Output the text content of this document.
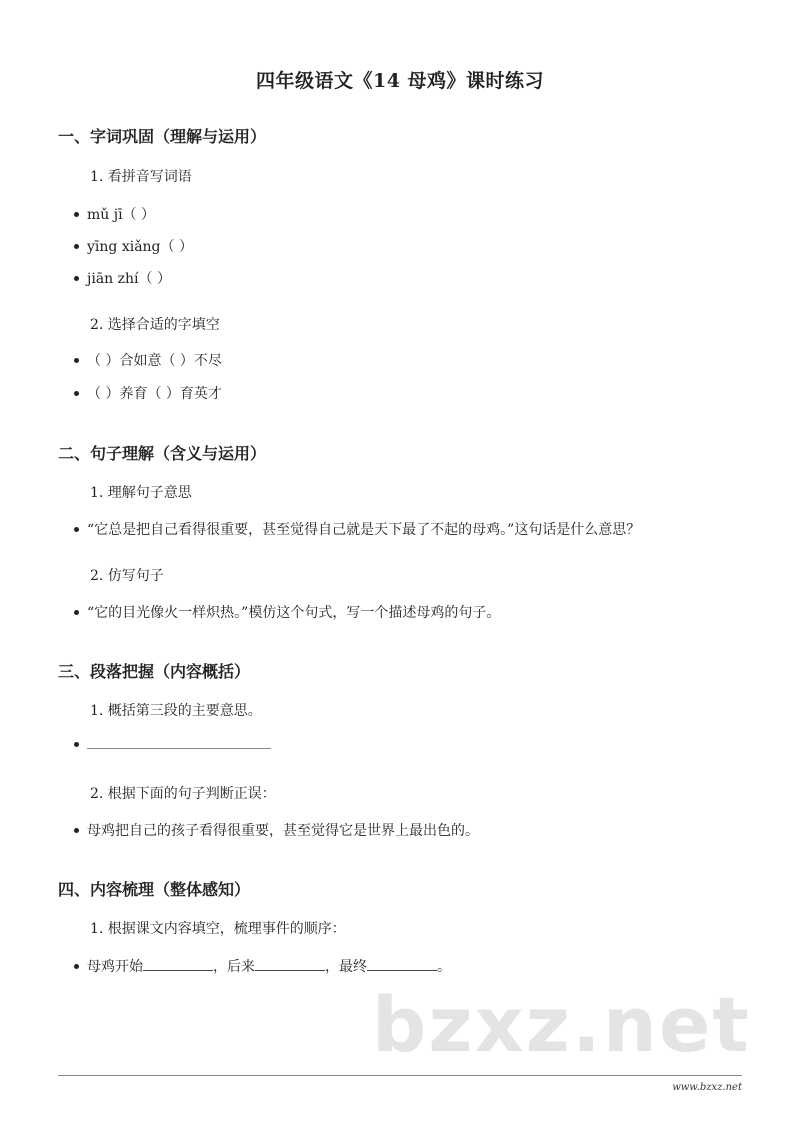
四年级语文《14 母鸡》课时练习
一、字词巩固（理解与运用）
1. 看拼音写词语
mǔ jī（ ）
yīng xiǎng（ ）
jiān zhí（ ）
2. 选择合适的字填空
（ ）合如意（ ）不尽
（ ）养育（ ）育英才
二、句子理解（含义与运用）
1. 理解句子意思
“它总是把自己看得很重要，甚至觉得自己就是天下最了不起的母鸡。”这句话是什么意思？
2. 仿写句子
“它的目光像火一样炽热。”模仿这个句式，写一个描述母鸡的句子。
三、段落把握（内容概括）
1. 概括第三段的主要意思。
2. 根据下面的句子判断正误：
母鸡把自己的孩子看得很重要，甚至觉得它是世界上最出色的。
四、内容梳理（整体感知）
1. 根据课文内容填空，梳理事件的顺序：
母鸡开始	，后来	，最终	。
bzxz.net
www.bzxz.net
